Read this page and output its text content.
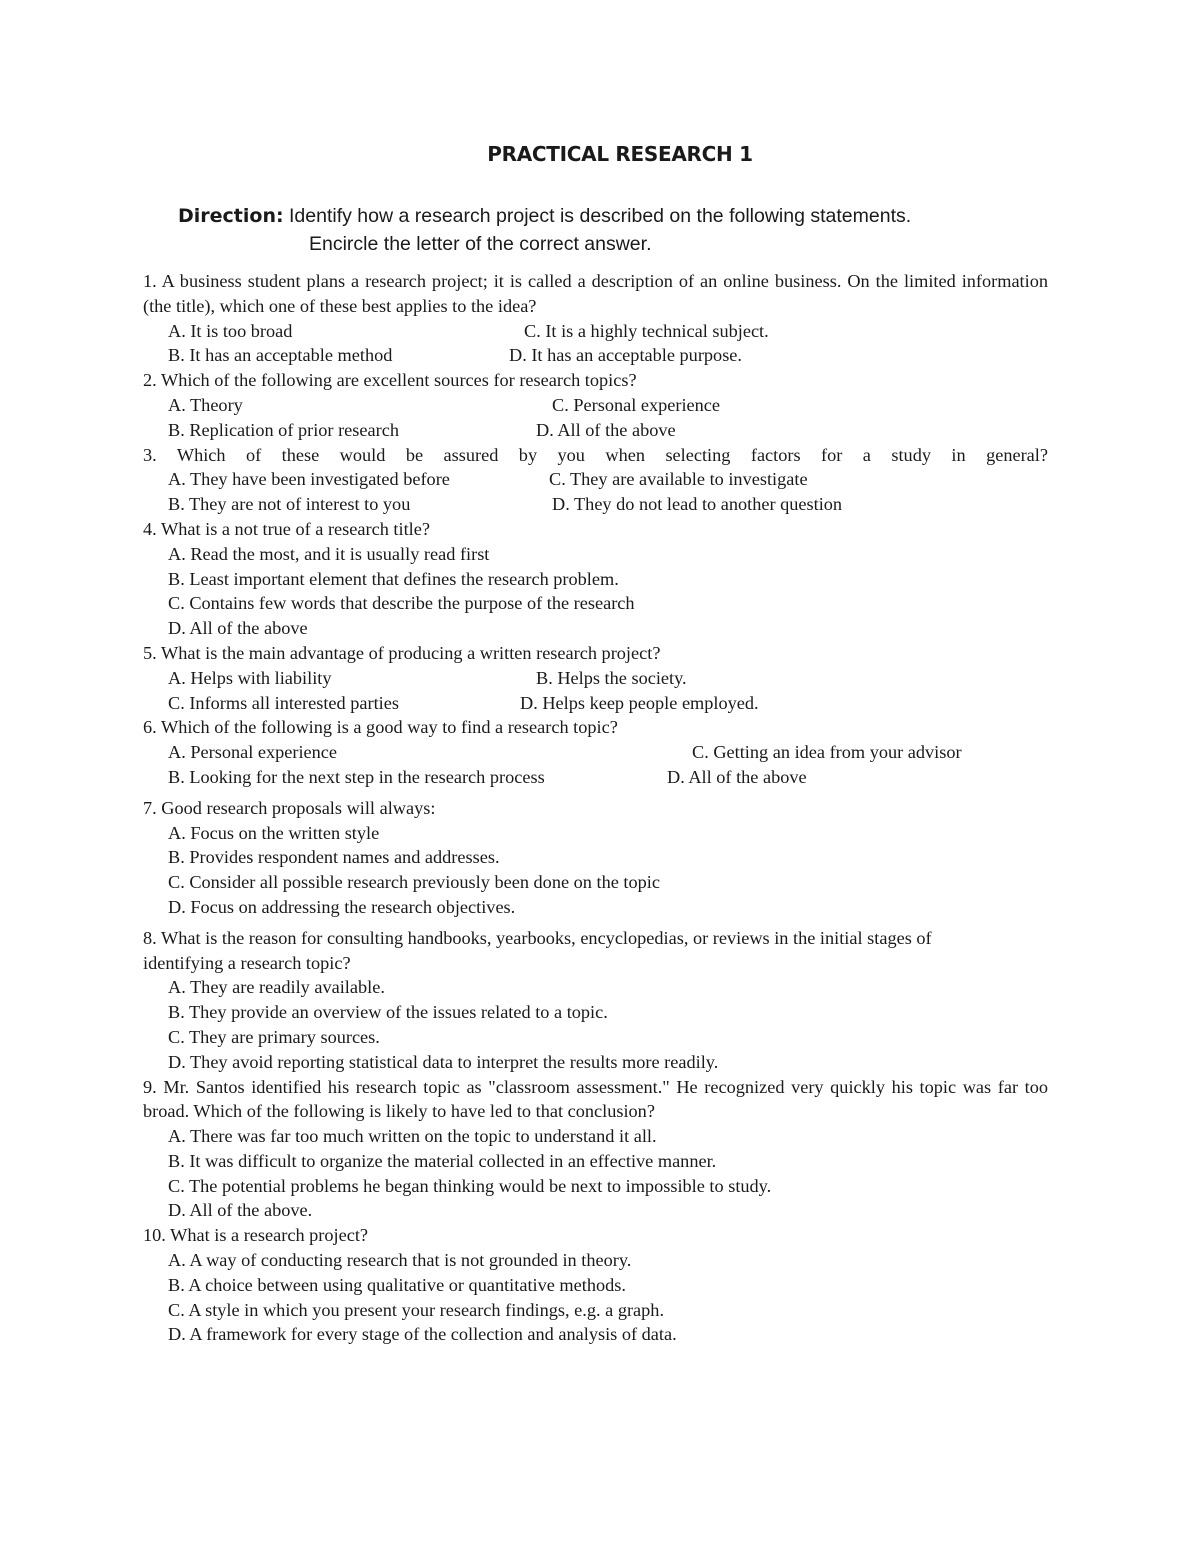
PRACTICAL RESEARCH 1
Direction: Identify how a research project is described on the following statements.
Encircle the letter of the correct answer.
1. A business student plans a research project; it is called a description of an online business. On the limited information (the title), which one of these best applies to the idea?
A. It is too broad	C. It is a highly technical subject.
B. It has an acceptable method	D. It has an acceptable purpose.
2. Which of the following are excellent sources for research topics?
A. Theory	C. Personal experience
B. Replication of prior research	D. All of the above
3. Which of these would be assured by you when selecting factors for a study in general?
A. They have been investigated before	C. They are available to investigate
B. They are not of interest to you	D. They do not lead to another question
4. What is a not true of a research title?
A. Read the most, and it is usually read first
B. Least important element that defines the research problem.
C. Contains few words that describe the purpose of the research
D. All of the above
5. What is the main advantage of producing a written research project?
A. Helps with liability	B. Helps the society.
C. Informs all interested parties	D. Helps keep people employed.
6. Which of the following is a good way to find a research topic?
A. Personal experience	C. Getting an idea from your advisor
B. Looking for the next step in the research process	D. All of the above
7. Good research proposals will always:
A. Focus on the written style
B. Provides respondent names and addresses.
C. Consider all possible research previously been done on the topic
D. Focus on addressing the research objectives.
8. What is the reason for consulting handbooks, yearbooks, encyclopedias, or reviews in the initial stages of identifying a research topic?
A. They are readily available.
B. They provide an overview of the issues related to a topic.
C. They are primary sources.
D. They avoid reporting statistical data to interpret the results more readily.
9. Mr. Santos identified his research topic as "classroom assessment." He recognized very quickly his topic was far too broad. Which of the following is likely to have led to that conclusion?
A. There was far too much written on the topic to understand it all.
B. It was difficult to organize the material collected in an effective manner.
C. The potential problems he began thinking would be next to impossible to study.
D. All of the above.
10. What is a research project?
A. A way of conducting research that is not grounded in theory.
B. A choice between using qualitative or quantitative methods.
C. A style in which you present your research findings, e.g. a graph.
D. A framework for every stage of the collection and analysis of data.
